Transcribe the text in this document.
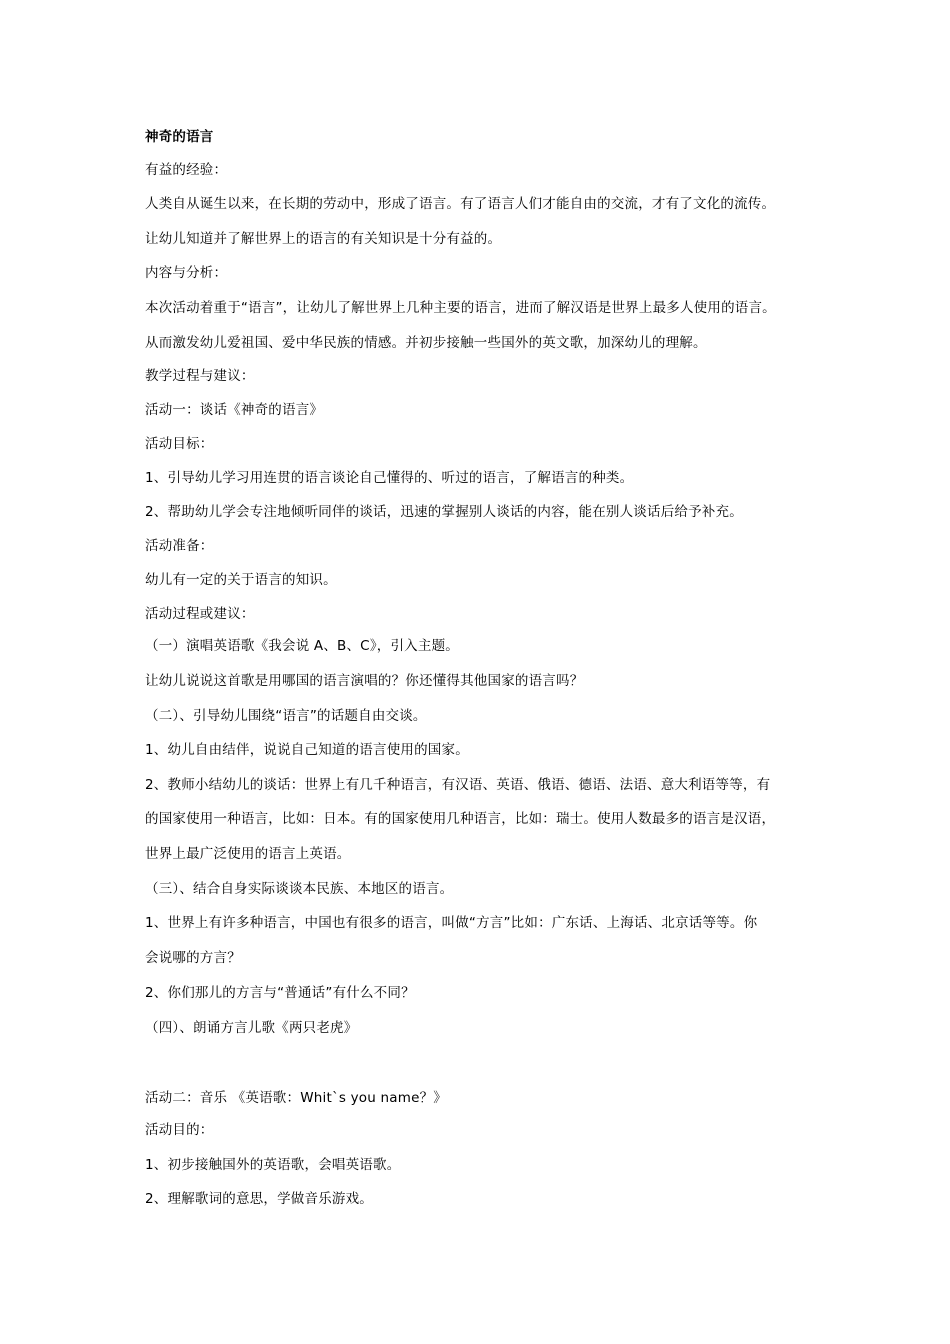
神奇的语言
有益的经验：
人类自从诞生以来，在长期的劳动中，形成了语言。有了语言人们才能自由的交流，才有了文化的流传。
让幼儿知道并了解世界上的语言的有关知识是十分有益的。
内容与分析：
本次活动着重于“语言”，让幼儿了解世界上几种主要的语言，进而了解汉语是世界上最多人使用的语言。
从而激发幼儿爱祖国、爱中华民族的情感。并初步接触一些国外的英文歌，加深幼儿的理解。
教学过程与建议：
活动一：谈话《神奇的语言》
活动目标：
1、引导幼儿学习用连贯的语言谈论自己懂得的、听过的语言，了解语言的种类。
2、帮助幼儿学会专注地倾听同伴的谈话，迅速的掌握别人谈话的内容，能在别人谈话后给予补充。
活动准备：
幼儿有一定的关于语言的知识。
活动过程或建议：
（一）演唱英语歌《我会说 A、B、C》，引入主题。
让幼儿说说这首歌是用哪国的语言演唱的？你还懂得其他国家的语言吗？
（二）、引导幼儿围绕“语言”的话题自由交谈。
1、幼儿自由结伴，说说自己知道的语言使用的国家。
2、教师小结幼儿的谈话：世界上有几千种语言，有汉语、英语、俄语、德语、法语、意大利语等等，有
的国家使用一种语言，比如：日本。有的国家使用几种语言，比如：瑞士。使用人数最多的语言是汉语，
世界上最广泛使用的语言上英语。
（三）、结合自身实际谈谈本民族、本地区的语言。
1、世界上有许多种语言，中国也有很多的语言，叫做“方言”比如：广东话、上海话、北京话等等。你
会说哪的方言？
2、你们那儿的方言与“普通话”有什么不同？
（四）、朗诵方言儿歌《两只老虎》
活动二：音乐 《英语歌：Whit`s you name？》
活动目的：
1、初步接触国外的英语歌，会唱英语歌。
2、理解歌词的意思，学做音乐游戏。
